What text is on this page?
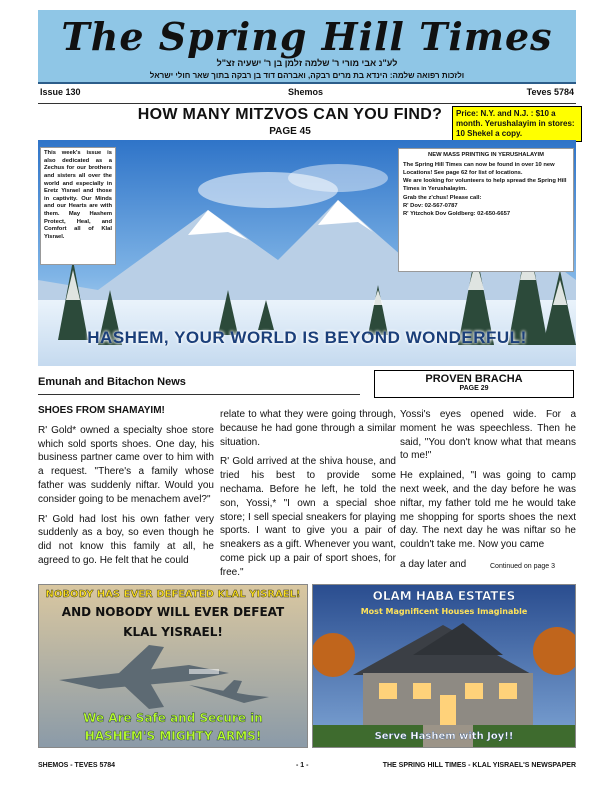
The Spring Hill Times
לע"נ אבי מורי ר' שלמה זלמן בן ר' ישעיה זצ"ל
ולזכות רפואה שלמה: הינדא בת מרים רבקה, ואברהם דוד בן רבקה בתוך שאר חולי ישראל
Issue 130	Shemos	Teves 5784
HOW MANY MITZVOS CAN YOU FIND?
PAGE 45
Price: N.Y. and N.J. : $10 a month. Yerushalayim in stores: 10 Shekel a copy.
This week's issue is also dedicated as a Zechus for our brothers and sisters all over the world and especially in Eretz Yisrael and those in captivity. Our Minds and our Hearts are with them. May Hashem Protect, Heal, and Comfort all of Klal Yisrael.
NEW MASS PRINTING IN YERUSHALAYIM
The Spring Hill Times can now be found in over 10 new Locations! See page 62 for list of locations.
We are looking for volunteers to help spread the Spring Hill Times in Yerushalayim.
Grab the z'chus! Please call:
R' Dov: 02-567-0787
R' Yitzchok Dov Goldberg: 02-650-6657
HASHEM, YOUR WORLD IS BEYOND WONDERFUL!
Emunah and Bitachon News	PROVEN BRACHA
PAGE 29
SHOES FROM SHAMAYIM!

R' Gold* owned a specialty shoe store which sold sports shoes. One day, his business partner came over to him with a request. "There's a family whose father was suddenly niftar. Would you consider going to be menachem avel?"

R' Gold had lost his own father very suddenly as a boy, so even though he did not know this family at all, he agreed to go. He felt that he could

relate to what they were going through, because he had gone through a similar situation.

R' Gold arrived at the shiva house, and tried his best to provide some nechama. Before he left, he told the son, Yossi,* "I own a special shoe store; I sell special sneakers for playing sports. I want to give you a pair of sneakers as a gift. Whenever you want, come pick up a pair of sport shoes, for free."

Yossi's eyes opened wide. For a moment he was speechless. Then he said, "You don't know what that means to me!"

He explained, "I was going to camp next week, and the day before he was niftar, my father told me he would take me shopping for sports shoes the next day. The next day he was niftar so he couldn't take me. Now you came

a day later and	Continued on page 3
NOBODY HAS EVER DEFEATED KLAL YISRAEL!
AND NOBODY WILL EVER DEFEAT
KLAL YISRAEL!
We Are Safe and Secure in
HASHEM'S MIGHTY ARMS!
OLAM HABA ESTATES
Most Magnificent Houses Imaginable
Serve Hashem with Joy!!
SHEMOS - TEVES 5784	- 1 -	THE SPRING HILL TIMES - KLAL YISRAEL'S NEWSPAPER
